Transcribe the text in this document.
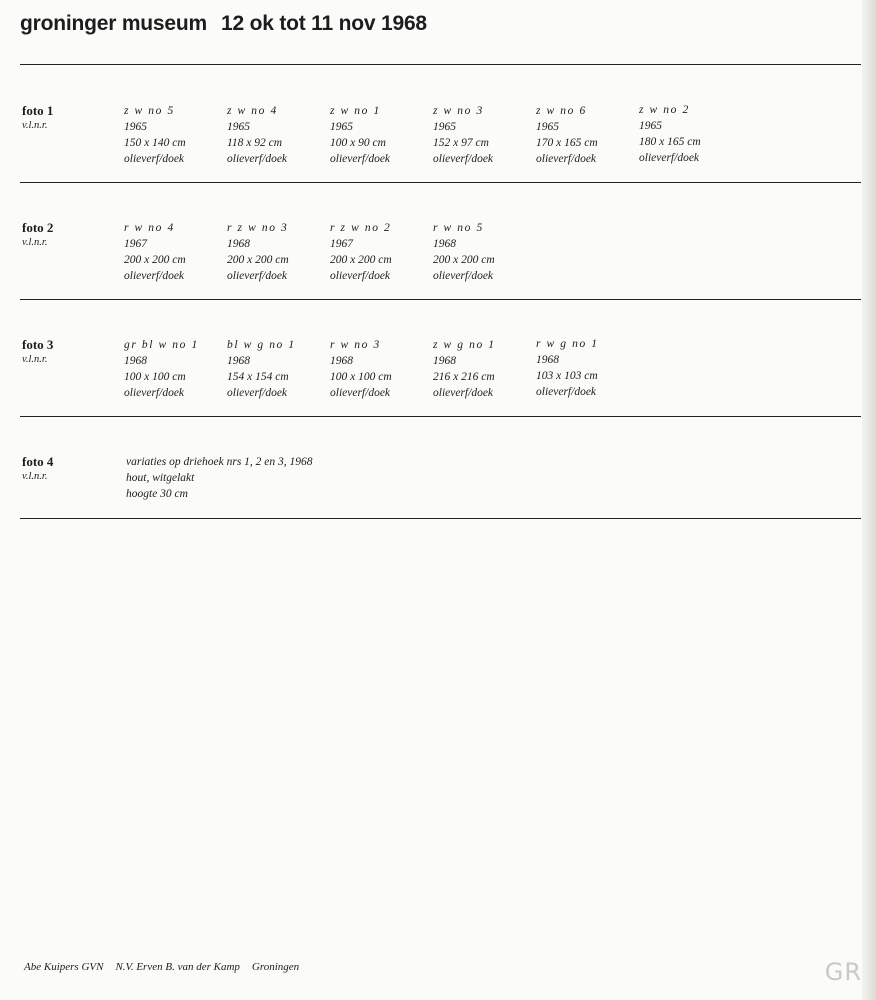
groninger museum 12 ok tot 11 nov 1968
foto 1
v.l.n.r.
z w no 5
1965
150 x 140 cm
olieverf/doek
z w no 4
1965
118 x 92 cm
olieverf/doek
z w no 1
1965
100 x 90 cm
olieverf/doek
z w no 3
1965
152 x 97 cm
olieverf/doek
z w no 6
1965
170 x 165 cm
olieverf/doek
z w no 2
1965
180 x 165 cm
olieverf/doek
foto 2
v.l.n.r.
r w no 4
1967
200 x 200 cm
olieverf/doek
r z w no 3
1968
200 x 200 cm
olieverf/doek
r z w no 2
1967
200 x 200 cm
olieverf/doek
r w no 5
1968
200 x 200 cm
olieverf/doek
foto 3
v.l.n.r.
gr bl w no 1
1968
100 x 100 cm
olieverf/doek
bl w g no 1
1968
154 x 154 cm
olieverf/doek
r w no 3
1968
100 x 100 cm
olieverf/doek
z w g no 1
1968
216 x 216 cm
olieverf/doek
r w g no 1
1968
103 x 103 cm
olieverf/doek
foto 4
v.l.n.r.
variaties op driehoek nrs 1, 2 en 3, 1968
hout, witgelakt
hoogte 30 cm
Abe Kuipers GVN N.V. Erven B. van der Kamp Groningen	GR
